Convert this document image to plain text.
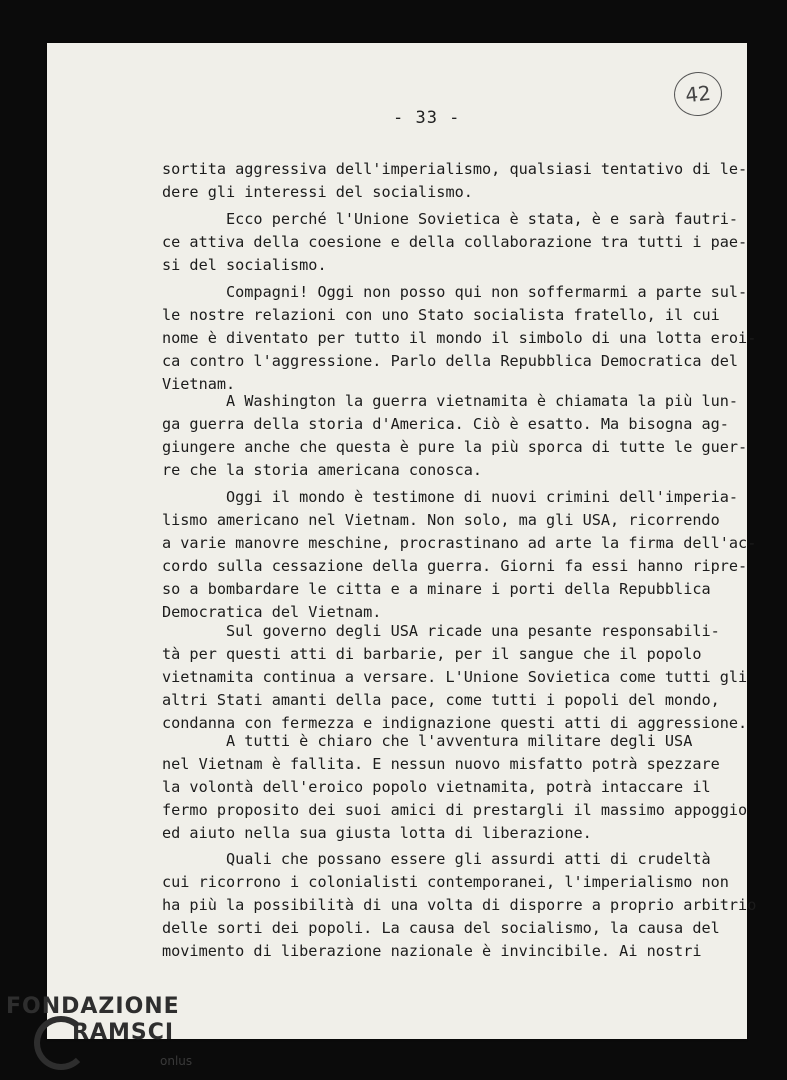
- 33 -
42
sortita aggressiva dell'imperialismo, qualsiasi tentativo di le-
dere gli interessi del socialismo.
Ecco perché l'Unione Sovietica è stata, è e sarà fautri-
ce attiva della coesione e della collaborazione tra tutti i pae-
si del socialismo.
Compagni! Oggi non posso qui non soffermarmi a parte sul-
le nostre relazioni con uno Stato socialista fratello, il cui
nome è diventato per tutto il mondo il simbolo di una lotta eroi-
ca contro l'aggressione. Parlo della Repubblica Democratica del
Vietnam.
A Washington la guerra vietnamita è chiamata la più lun-
ga guerra della storia d'America. Ciò è esatto. Ma bisogna ag-
giungere anche che questa è pure la più sporca di tutte le guer-
re che la storia americana conosca.
Oggi il mondo è testimone di nuovi crimini dell'imperia-
lismo americano nel Vietnam. Non solo, ma gli USA, ricorrendo
a varie manovre meschine, procrastinano ad arte la firma dell'ac-
cordo sulla cessazione della guerra. Giorni fa essi hanno ripre-
so a bombardare le citta e a minare i porti della Repubblica
Democratica del Vietnam.
Sul governo degli USA ricade una pesante responsabili-
tà per questi atti di barbarie, per il sangue che il popolo
vietnamita continua a versare. L'Unione Sovietica come tutti gli
altri Stati amanti della pace, come tutti i popoli del mondo,
condanna con fermezza e indignazione questi atti di aggressione.
A tutti è chiaro che l'avventura militare degli USA
nel Vietnam è fallita. E nessun nuovo misfatto potrà spezzare
la volontà dell'eroico popolo vietnamita, potrà intaccare il
fermo proposito dei suoi amici di prestargli il massimo appoggio
ed aiuto nella sua giusta lotta di liberazione.
Quali che possano essere gli assurdi atti di crudeltà
cui ricorrono i colonialisti contemporanei, l'imperialismo non
ha più la possibilità di una volta di disporre a proprio arbitrio
delle sorti dei popoli. La causa del socialismo, la causa del
movimento di liberazione nazionale è invincibile. Ai nostri
FONDAZIONE
RAMSCI
onlus
